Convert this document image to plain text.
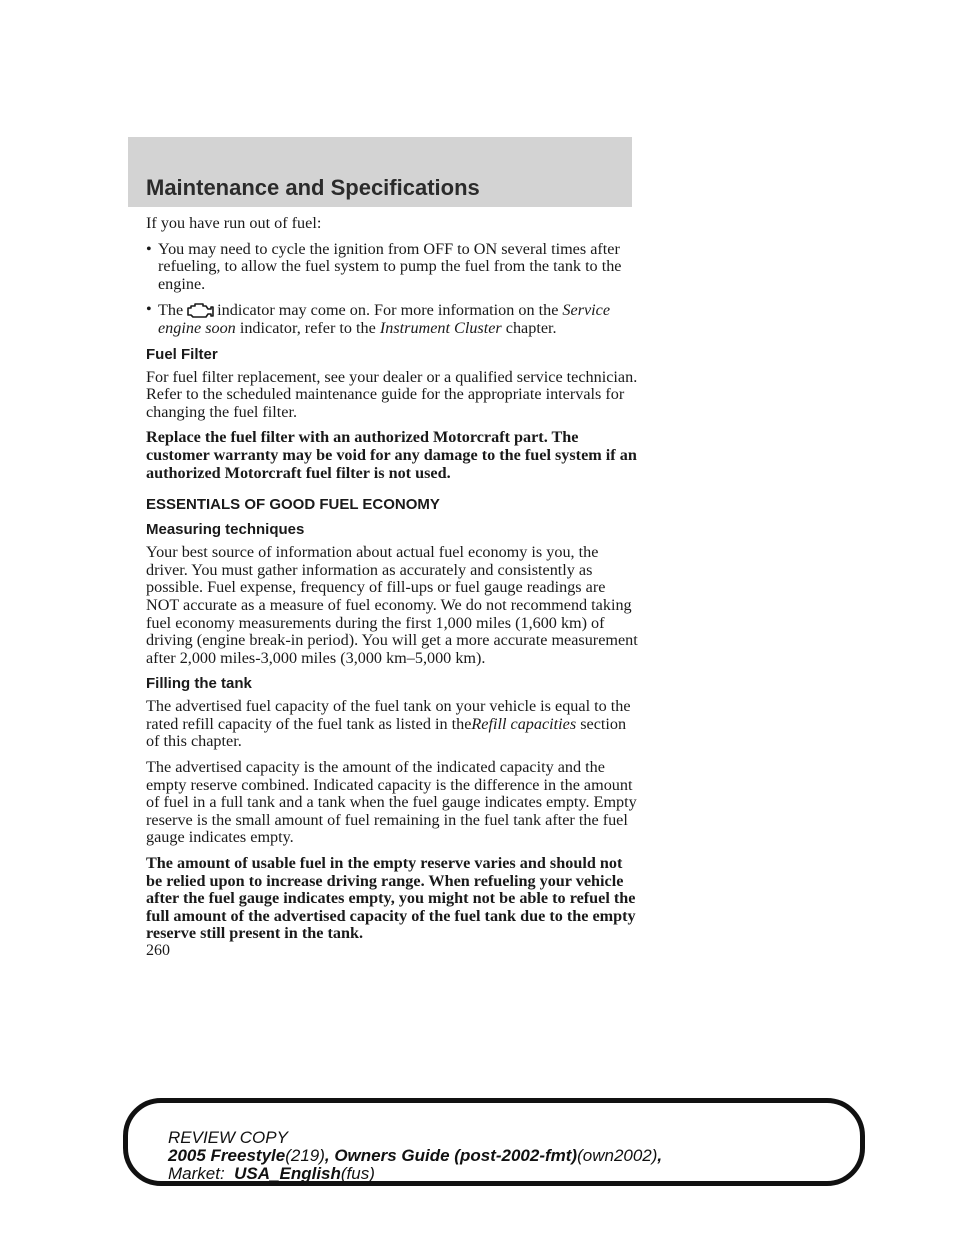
Maintenance and Specifications

If you have run out of fuel:

• You may need to cycle the ignition from OFF to ON several times after refueling, to allow the fuel system to pump the fuel from the tank to the engine.
• The indicator may come on. For more information on the Service engine soon indicator, refer to the Instrument Cluster chapter.
Fuel Filter

For fuel filter replacement, see your dealer or a qualified service technician. Refer to the scheduled maintenance guide for the appropriate intervals for changing the fuel filter.

Replace the fuel filter with an authorized Motorcraft part. The customer warranty may be void for any damage to the fuel system if an authorized Motorcraft fuel filter is not used.

ESSENTIALS OF GOOD FUEL ECONOMY
Measuring techniques

Your best source of information about actual fuel economy is you, the driver. You must gather information as accurately and consistently as possible. Fuel expense, frequency of fill-ups or fuel gauge readings are NOT accurate as a measure of fuel economy. We do not recommend taking fuel economy measurements during the first 1,000 miles (1,600 km) of driving (engine break-in period). You will get a more accurate measurement after 2,000 miles-3,000 miles (3,000 km–5,000 km).

Filling the tank

The advertised fuel capacity of the fuel tank on your vehicle is equal to the rated refill capacity of the fuel tank as listed in theRefill capacities section of this chapter.

The advertised capacity is the amount of the indicated capacity and the empty reserve combined. Indicated capacity is the difference in the amount of fuel in a full tank and a tank when the fuel gauge indicates empty. Empty reserve is the small amount of fuel remaining in the fuel tank after the fuel gauge indicates empty.

The amount of usable fuel in the empty reserve varies and should not be relied upon to increase driving range. When refueling your vehicle after the fuel gauge indicates empty, you might not be able to refuel the full amount of the advertised capacity of the fuel tank due to the empty reserve still present in the tank.

260
REVIEW COPY
2005 Freestyle(219), Owners Guide (post-2002-fmt)(own2002),
Market: USA_English(fus)
